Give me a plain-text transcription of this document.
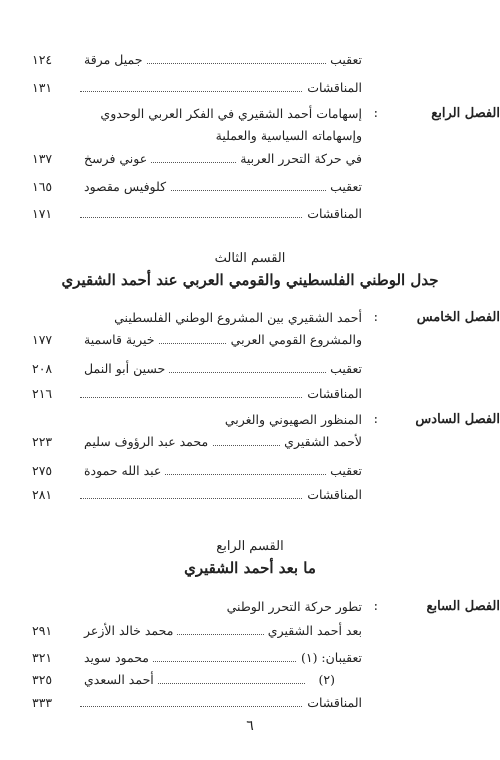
تعقيب
جميل مرقة
١٢٤
المناقشات
١٣١
الفصل الرابع
:
إسهامات أحمد الشقيري في الفكر العربي الوحدوي
وإسهاماته السياسية والعملية
في حركة التحرر العربية
عوني فرسخ
١٣٧
تعقيب
كلوفيس مقصود
١٦٥
المناقشات
١٧١
القسم الثالث
جدل الوطني الفلسطيني والقومي العربي عند أحمد الشقيري
الفصل الخامس
:
أحمد الشقيري بين المشروع الوطني الفلسطيني
والمشروع القومي العربي
خيرية قاسمية
١٧٧
تعقيب
حسين أبو النمل
٢٠٨
المناقشات
٢١٦
الفصل السادس
:
المنظور الصهيوني والغربي
لأحمد الشقيري
محمد عبد الرؤوف سليم
٢٢٣
تعقيب
عبد الله حمودة
٢٧٥
المناقشات
٢٨١
القسم الرابع
ما بعد أحمد الشقيري
الفصل السابع
:
تطور حركة التحرر الوطني
بعد أحمد الشقيري
محمد خالد الأزعر
٢٩١
تعقيبان: (١)
محمود سويد
٣٢١
(٢)
أحمد السعدي
٣٢٥
المناقشات
٣٣٣
٦
